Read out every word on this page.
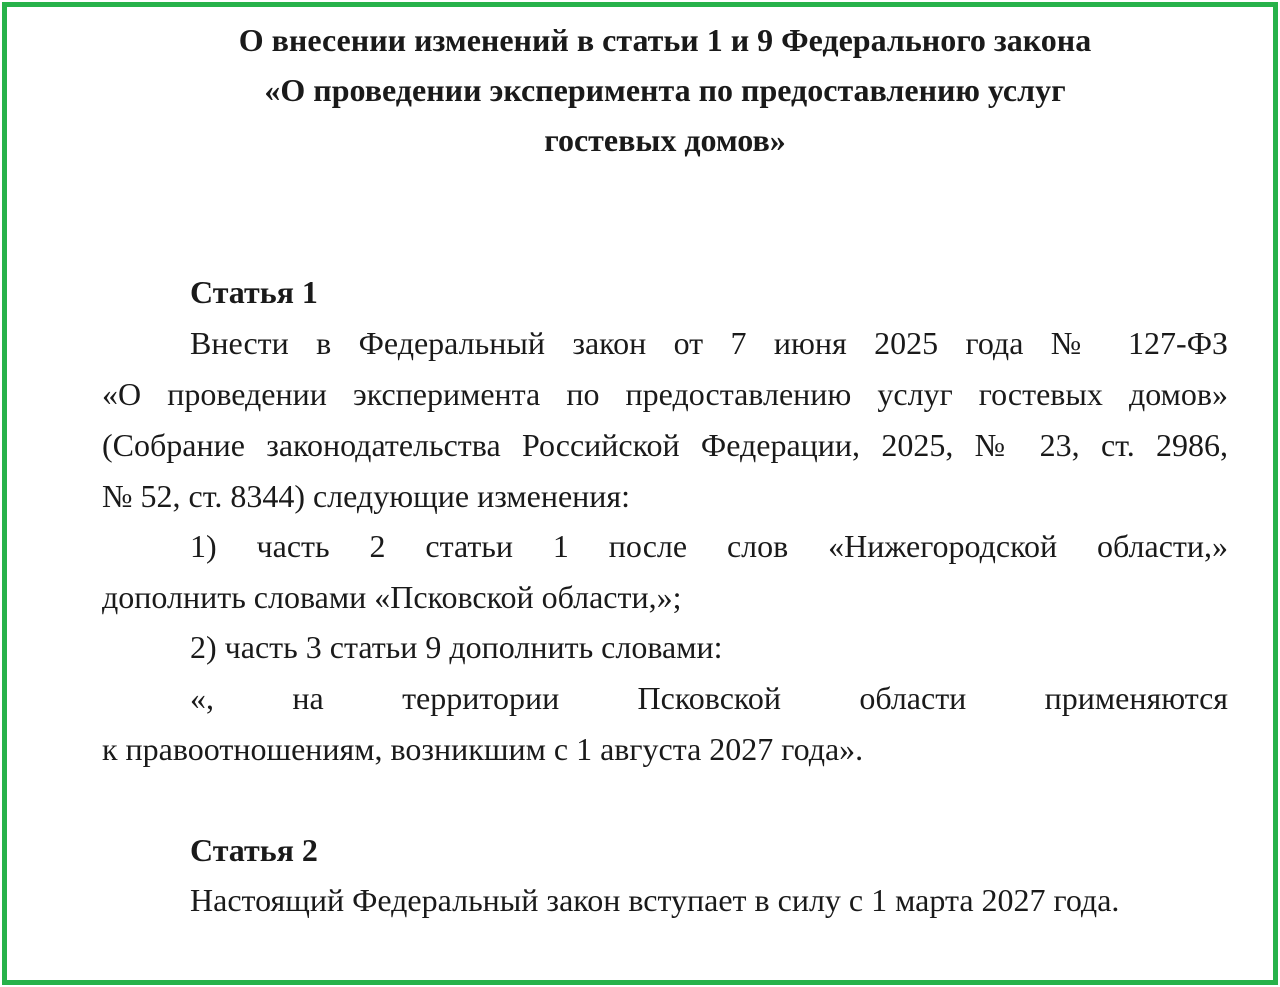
О внесении изменений в статьи 1 и 9 Федерального закона
«О проведении эксперимента по предоставлению услуг
гостевых домов»
Статья 1
Внести в Федеральный закон от 7 июня 2025 года № 127-ФЗ
«О проведении эксперимента по предоставлению услуг гостевых домов»
(Собрание законодательства Российской Федерации, 2025, № 23, ст. 2986,
№ 52, ст. 8344) следующие изменения:
1) часть 2 статьи 1 после слов «Нижегородской области,»
дополнить словами «Псковской области,»;
2) часть 3 статьи 9 дополнить словами:
«, на территории Псковской области применяются
к правоотношениям, возникшим с 1 августа 2027 года».
Статья 2
Настоящий Федеральный закон вступает в силу с 1 марта 2027 года.
